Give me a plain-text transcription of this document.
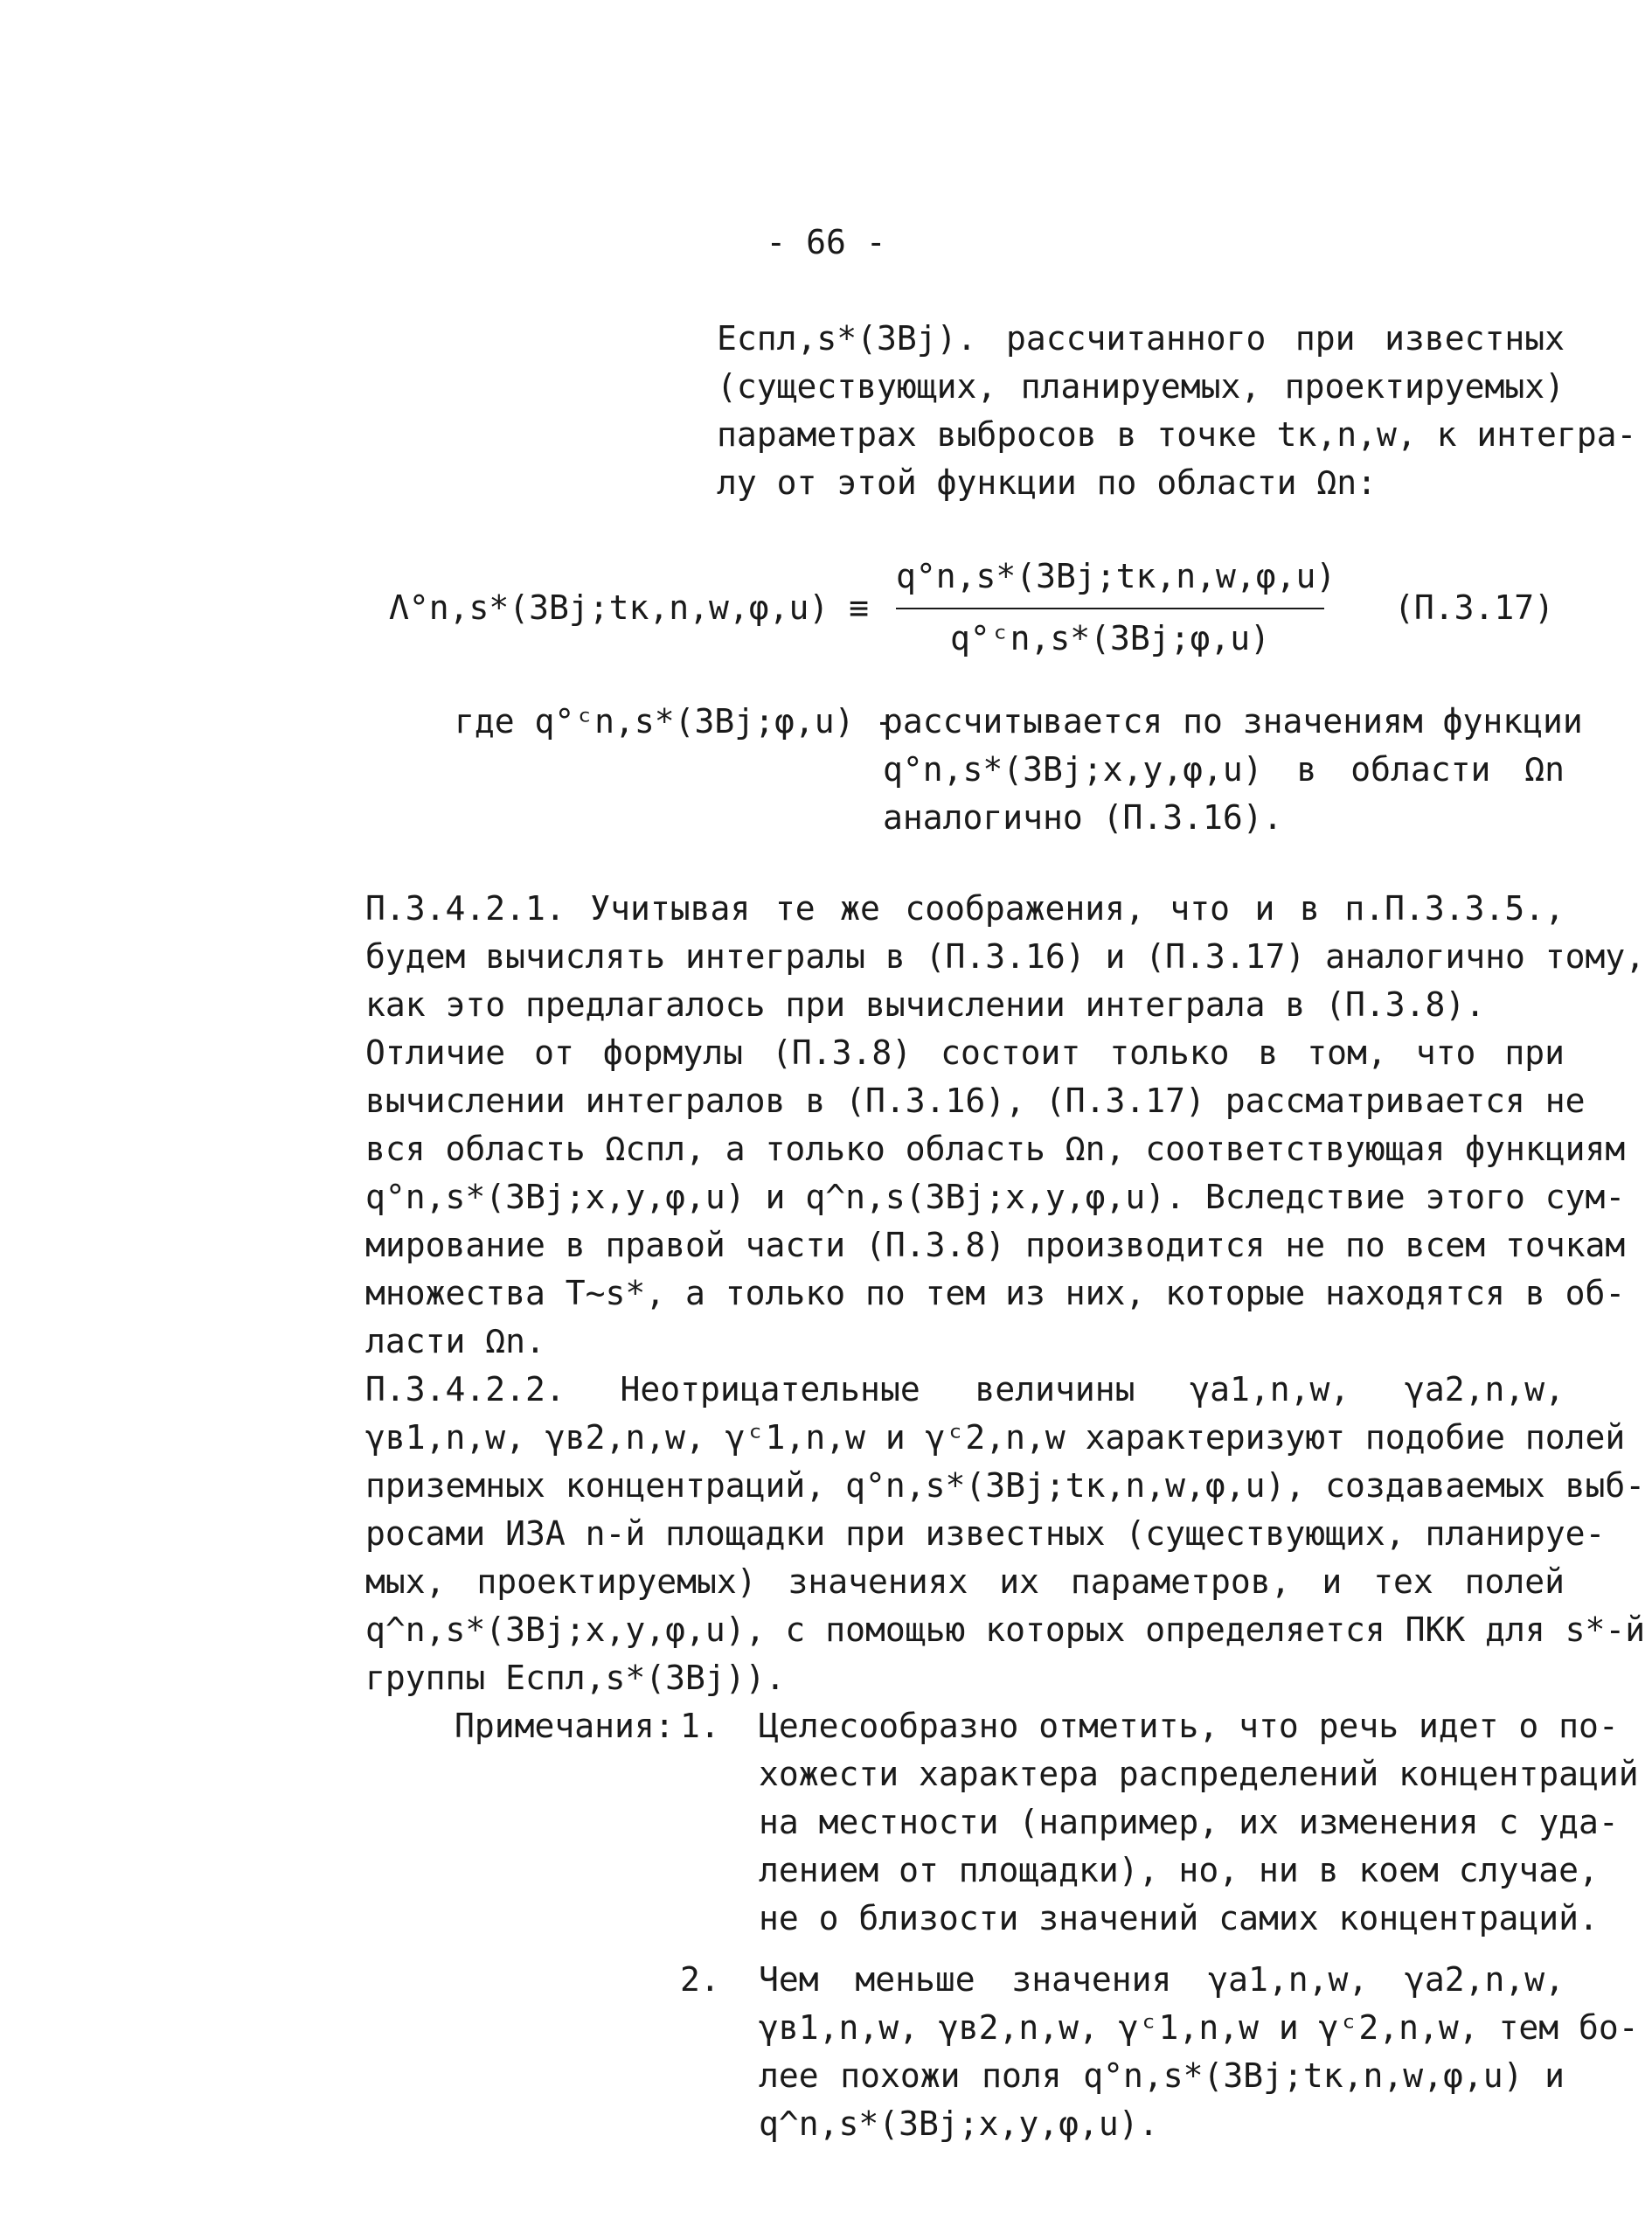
- 66 -
Eспл,s*(ЗВj). рассчитанного при известных
(существующих, планируемых, проектируемых)
параметрах выбросов в точке tк,n,w, к интегра-
лу от этой функции по области Ωn:
Λ°n,s*(ЗВj;tк,n,w,φ,u) ≡
q°n,s*(ЗВj;tк,n,w,φ,u)
q°ᶜn,s*(ЗВj;φ,u)
(П.3.17)
где q°ᶜn,s*(ЗВj;φ,u) -
рассчитывается по значениям функции
q°n,s*(ЗВj;x,y,φ,u) в области Ωn
аналогично (П.3.16).
П.3.4.2.1. Учитывая те же соображения, что и в п.П.3.3.5.,
будем вычислять интегралы в (П.3.16) и (П.3.17) аналогично тому,
как это предлагалось при вычислении интеграла в (П.3.8).
Отличие от формулы (П.3.8) состоит только в том, что при
вычислении интегралов в (П.3.16), (П.3.17) рассматривается не
вся область Ωспл, а только область Ωn, соответствующая функциям
q°n,s*(ЗВj;x,y,φ,u) и q^n,s(ЗВj;x,y,φ,u). Вследствие этого сум-
мирование в правой части (П.3.8) производится не по всем точкам
множества T~s*, а только по тем из них, которые находятся в об-
ласти Ωn.
П.3.4.2.2. Неотрицательные величины γa1,n,w, γa2,n,w,
γв1,n,w, γв2,n,w, γᶜ1,n,w и γᶜ2,n,w характеризуют подобие полей
приземных концентраций, q°n,s*(ЗВj;tк,n,w,φ,u), создаваемых выб-
росами ИЗА n-й площадки при известных (существующих, планируе-
мых, проектируемых) значениях их параметров, и тех полей
q^n,s*(ЗВj;x,y,φ,u), с помощью которых определяется ПКК для s*-й
группы Eспл,s*(ЗВj)).
Примечания: 1. Целесообразно отметить, что речь идет о по-
хожести характера распределений концентраций
на местности (например, их изменения с уда-
лением от площадки), но, ни в коем случае,
не о близости значений самих концентраций.
2. Чем меньше значения γa1,n,w, γa2,n,w,
γв1,n,w, γв2,n,w, γᶜ1,n,w и γᶜ2,n,w, тем бо-
лее похожи поля q°n,s*(ЗВj;tк,n,w,φ,u) и
q^n,s*(ЗВj;x,y,φ,u).
